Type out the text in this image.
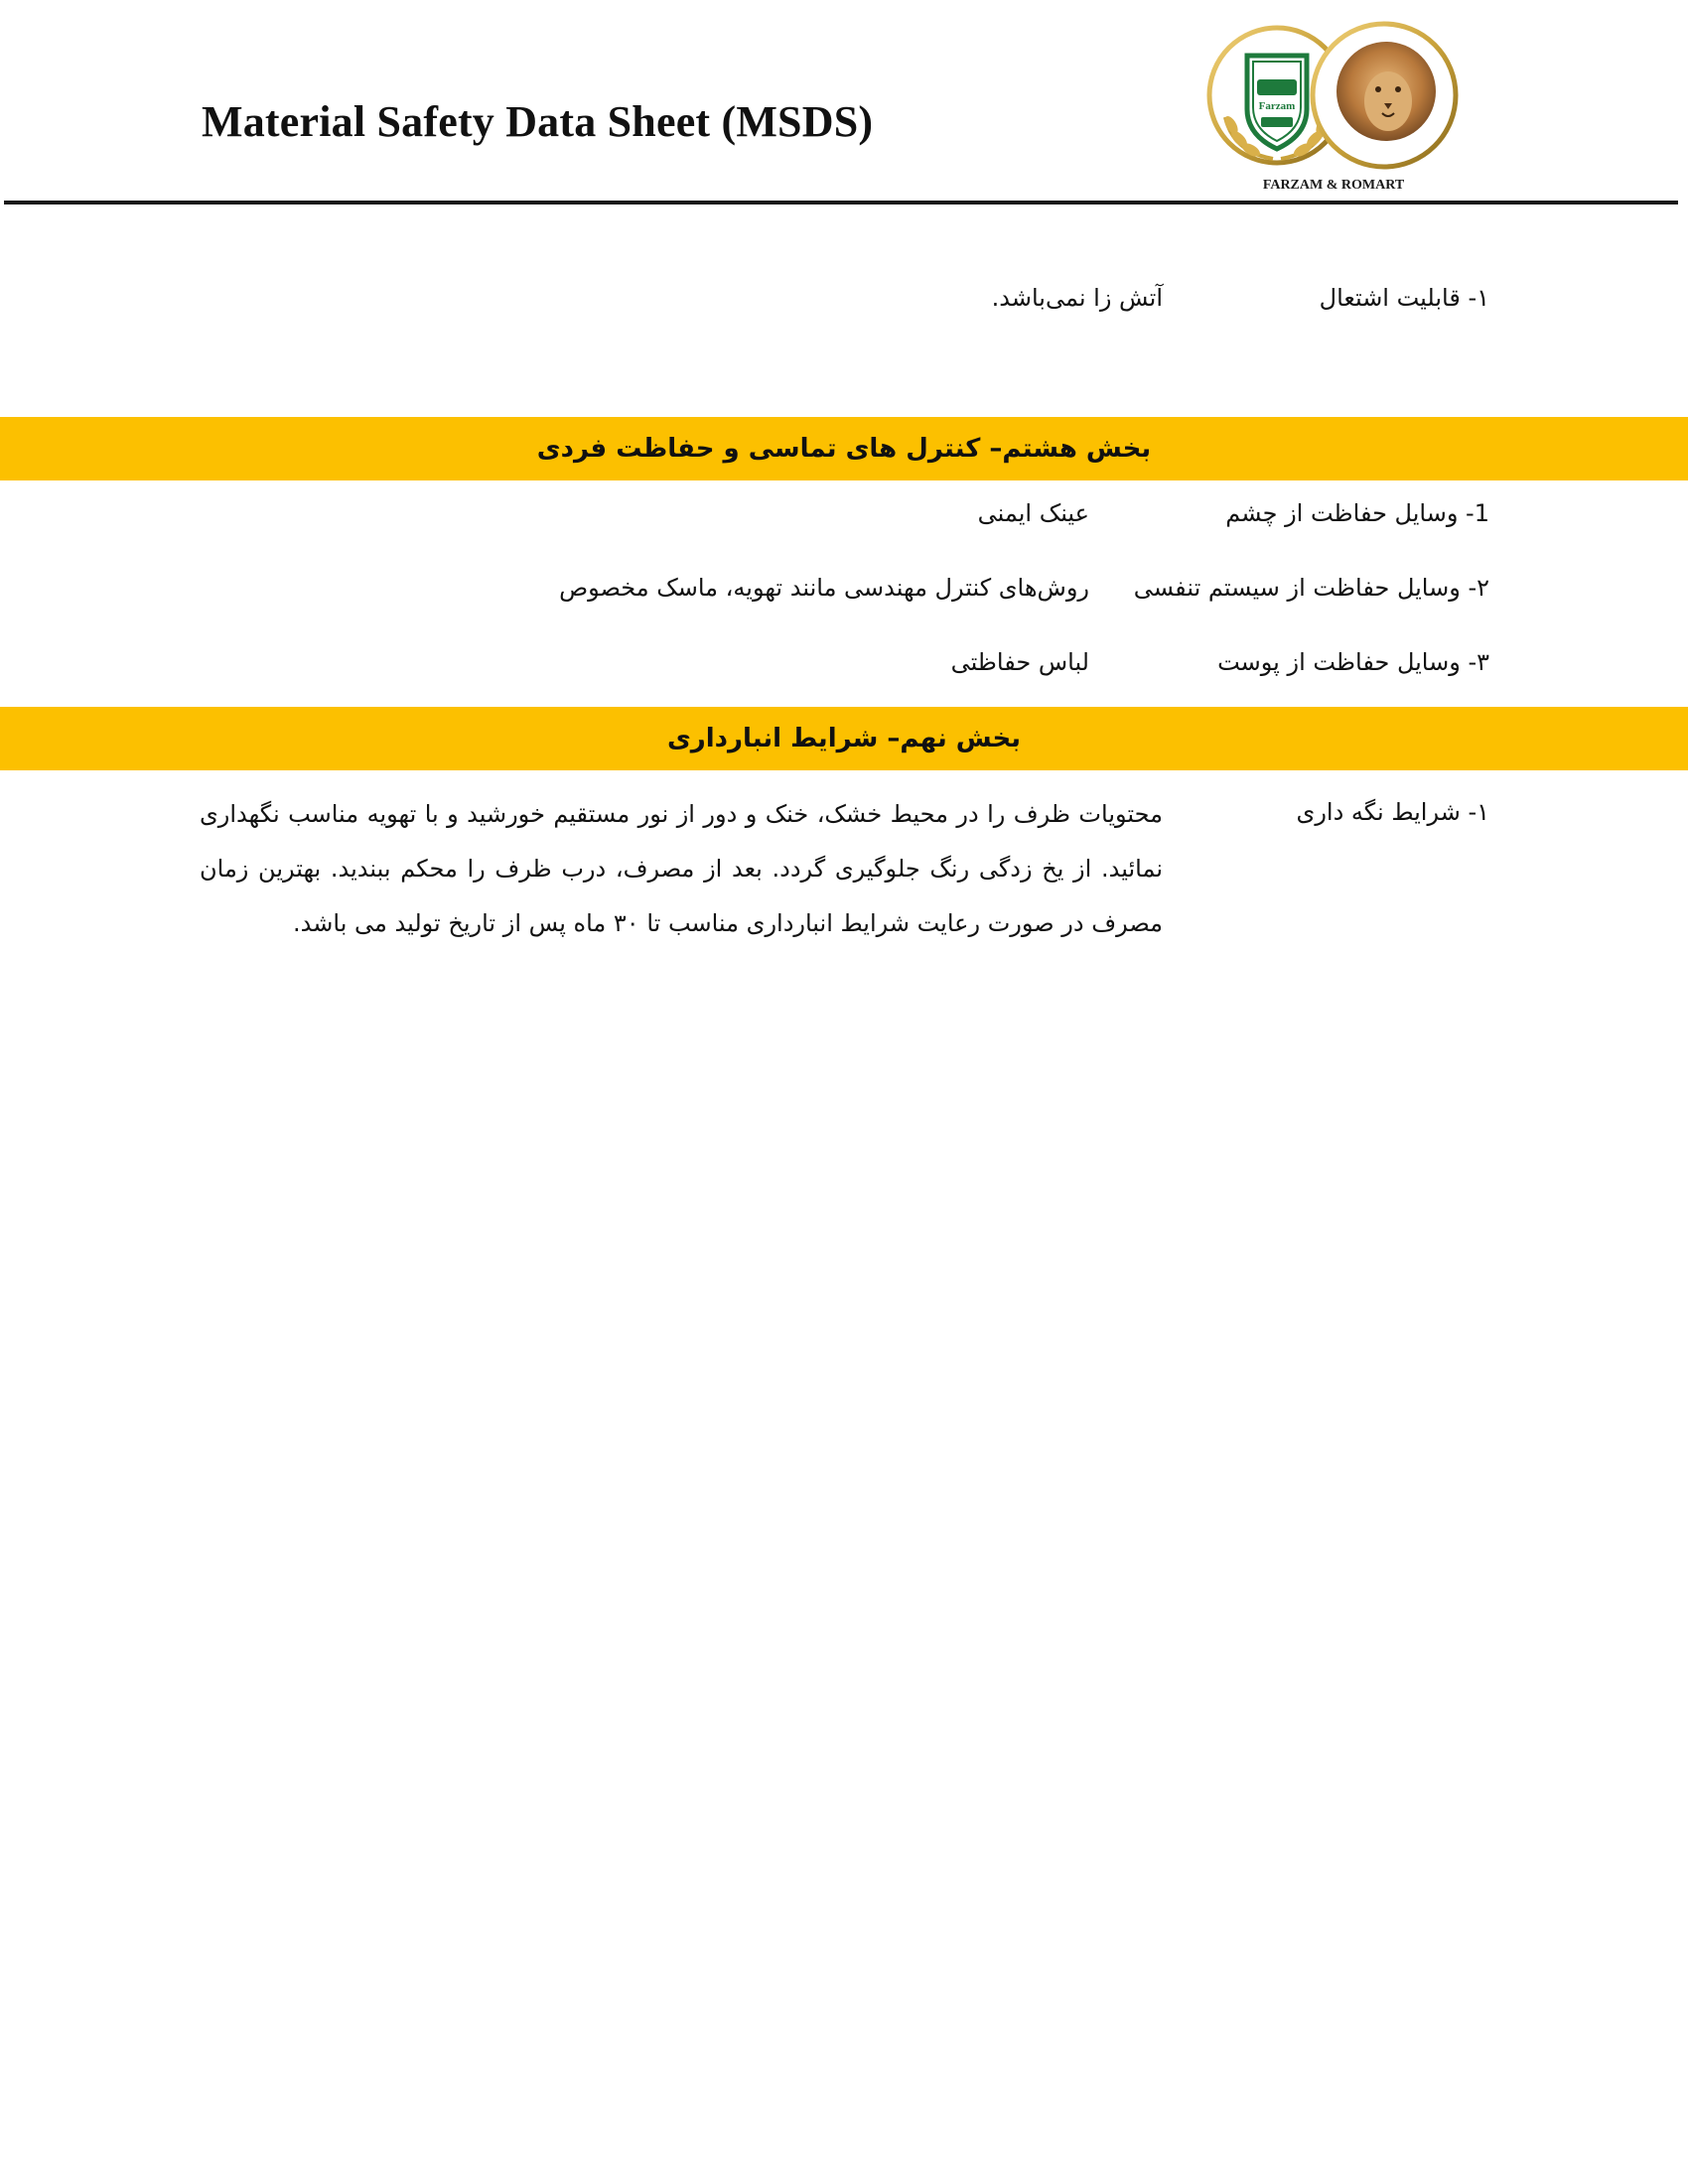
Material Safety Data Sheet (MSDS)	Farzam
FARZAM & ROMART
۱- قابلیت اشتعال
آتش زا نمی‌باشد.
بخش هشتم– کنترل های تماسی و حفاظت فردی
1- وسایل حفاظت از چشم
عینک ایمنی
۲- وسایل حفاظت از سیستم تنفسی
روش‌های کنترل مهندسی مانند تهویه، ماسک مخصوص
۳- وسایل حفاظت از پوست
لباس حفاظتی
بخش نهم– شرایط انبارداری
۱- شرایط نگه داری
محتویات ظرف را در محیط خشک، خنک و دور از نور مستقیم خورشید و با تهویه مناسب نگهداری نمائید. از یخ زدگی رنگ جلوگیری گردد. بعد از مصرف، درب ظرف را محکم ببندید. بهترین زمان مصرف در صورت رعایت شرایط انبارداری مناسب تا ۳۰ ماه پس از تاریخ تولید می باشد.
